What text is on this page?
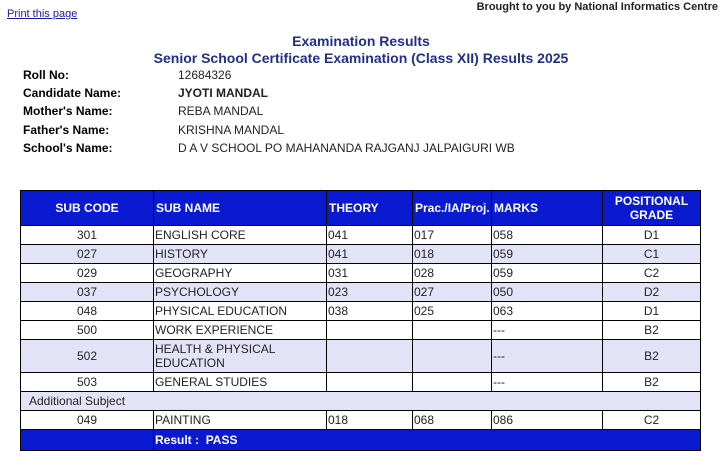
Print this page
Brought to you by National Informatics Centre
Examination Results
Senior School Certificate Examination (Class XII) Results 2025
Roll No:	12684326
Candidate Name:	JYOTI MANDAL
Mother's Name:	REBA MANDAL
Father's Name:	KRISHNA MANDAL
School's Name:	D A V SCHOOL PO MAHANANDA RAJGANJ JALPAIGURI WB
SUB CODE	SUB NAME	THEORY	Prac./IA/Proj.	MARKS	POSITIONAL
GRADE
301	ENGLISH CORE	041	017	058	D1
027	HISTORY	041	018	059	C1
029	GEOGRAPHY	031	028	059	C2
037	PSYCHOLOGY	023	027	050	D2
048	PHYSICAL EDUCATION	038	025	063	D1
500	WORK EXPERIENCE			---	B2
502	HEALTH & PHYSICAL EDUCATION			---	B2
503	GENERAL STUDIES			---	B2
Additional Subject					
049	PAINTING	018	068	086	C2
	Result : PASS				
